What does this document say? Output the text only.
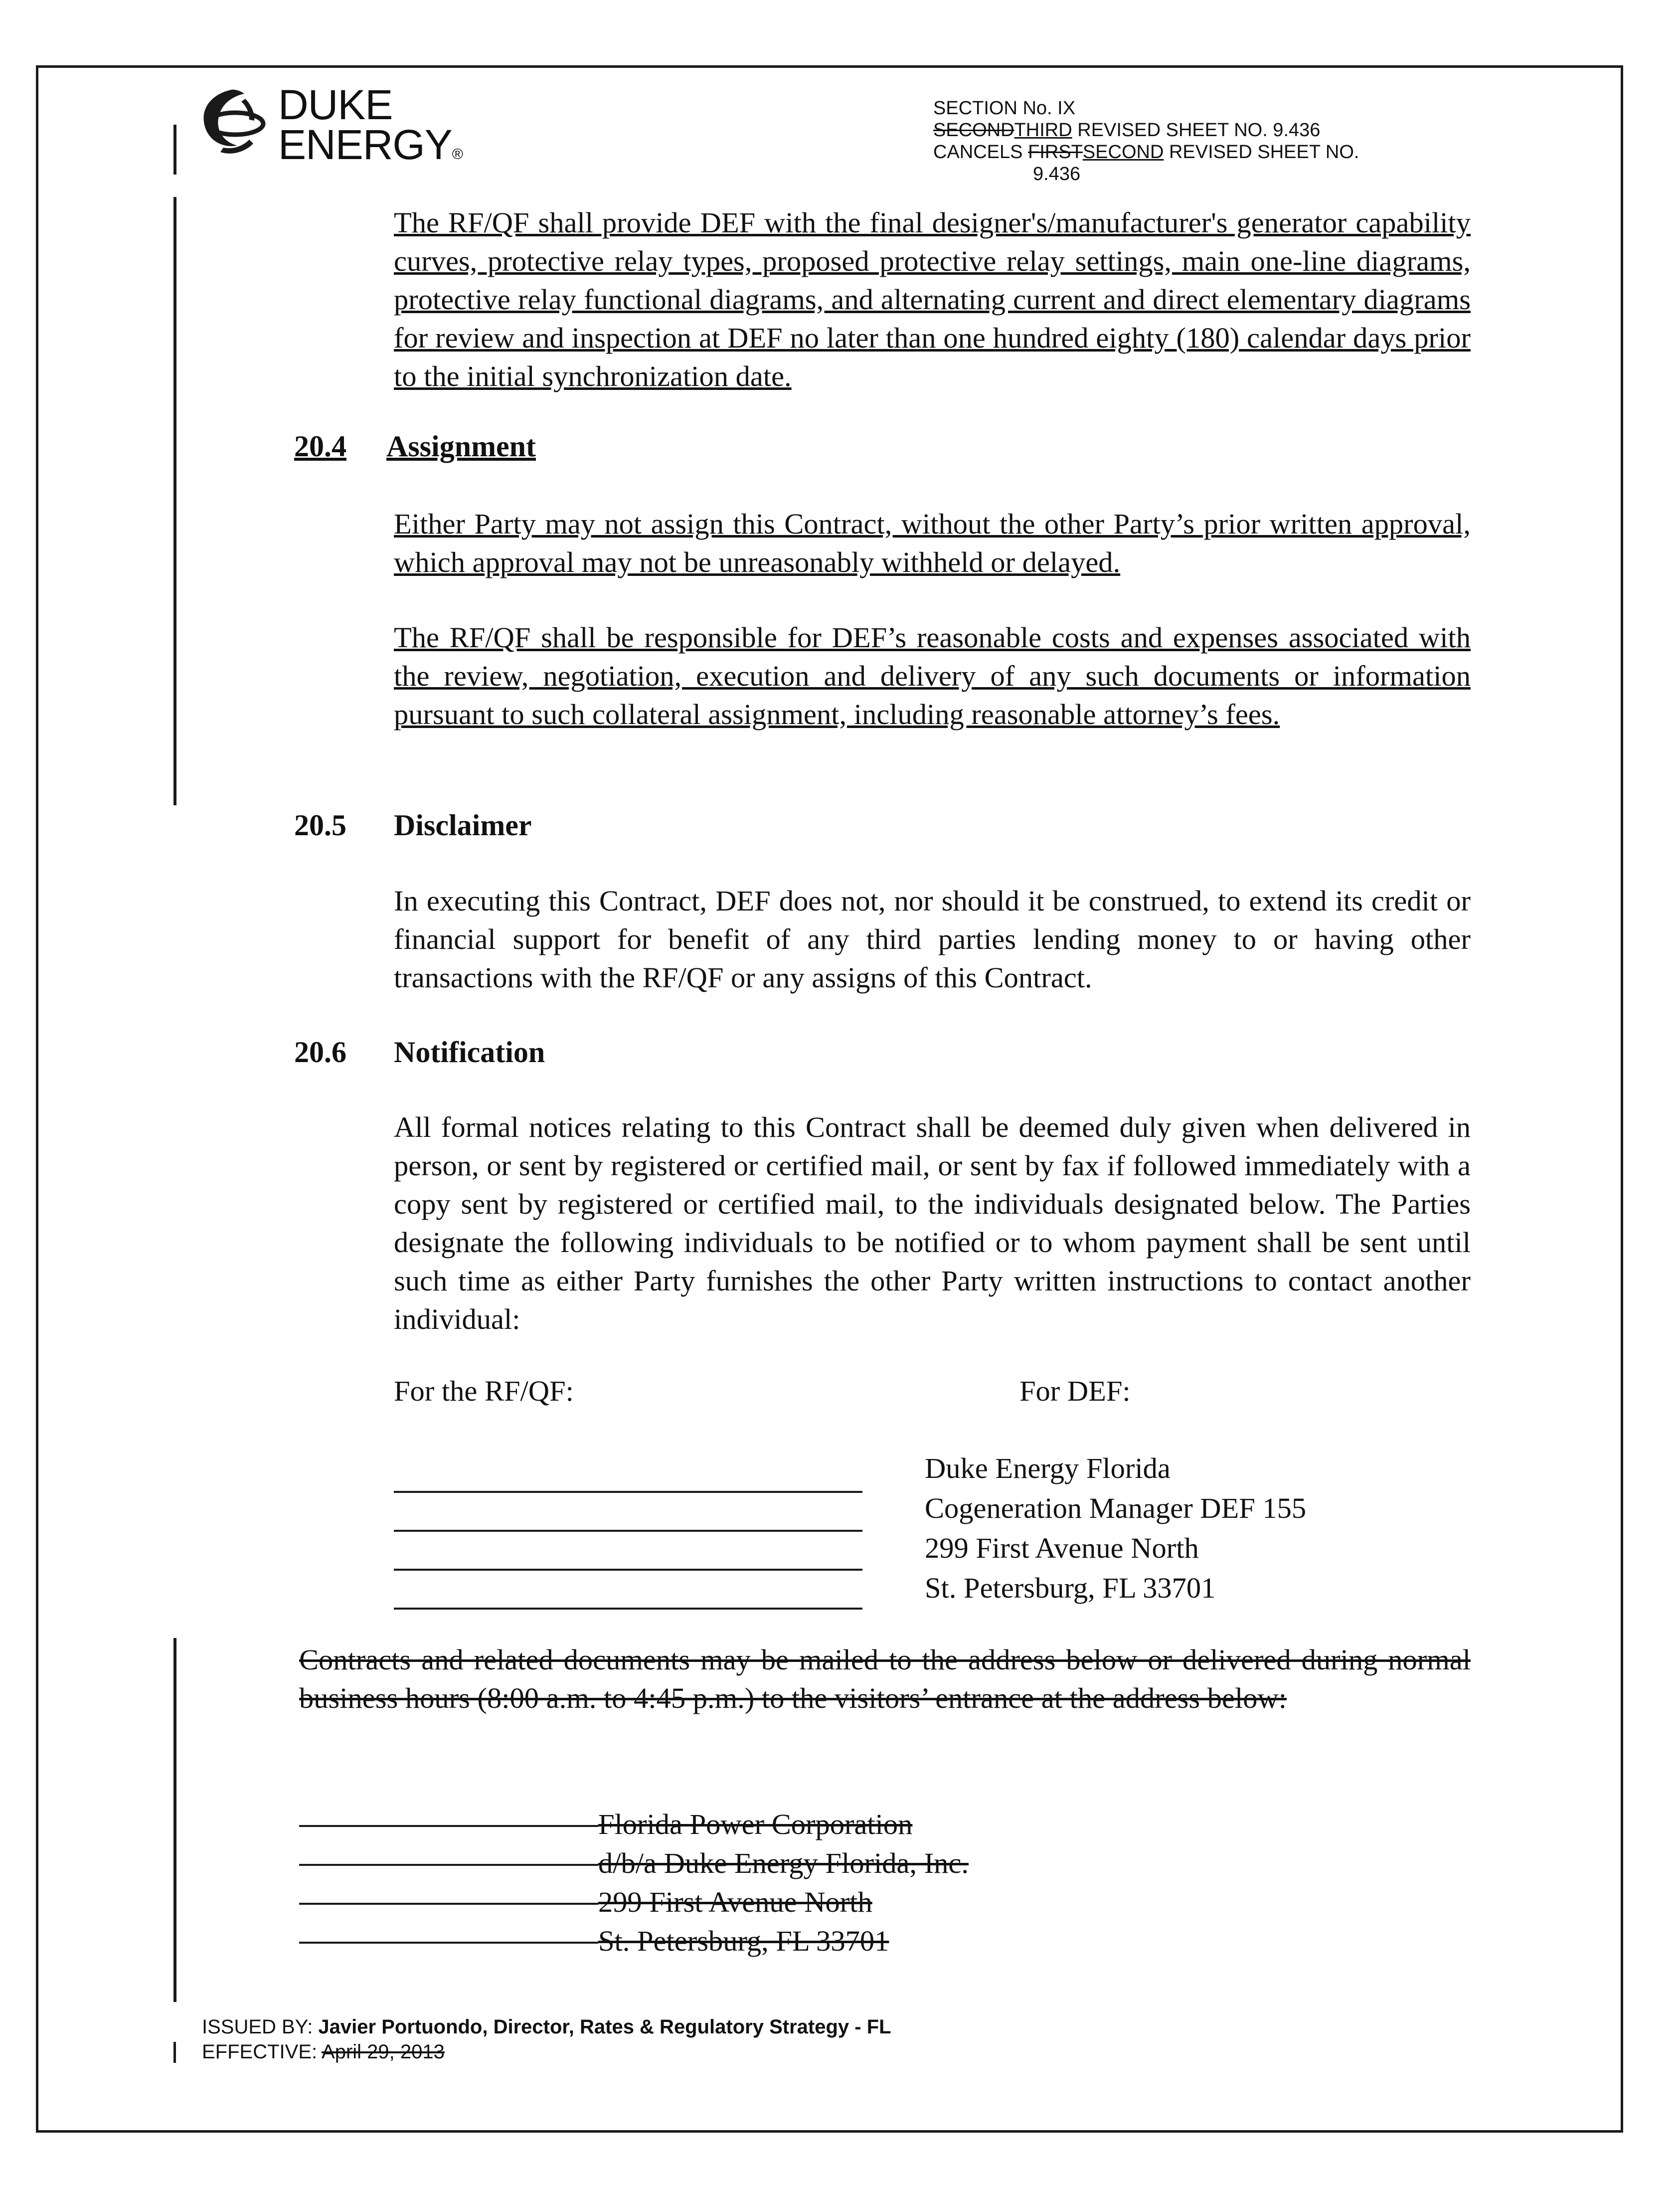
DUKE
ENERGY®
SECTION No. IX
SECONDTHIRD REVISED SHEET NO. 9.436
CANCELS FIRSTSECOND REVISED SHEET NO.
9.436
The RF/QF shall provide DEF with the final designer's/manufacturer's generator capability curves, protective relay types, proposed protective relay settings, main one-line diagrams, protective relay functional diagrams, and alternating current and direct elementary diagrams for review and inspection at DEF no later than one hundred eighty (180) calendar days prior to the initial synchronization date.
20.4 Assignment
Either Party may not assign this Contract, without the other Party’s prior written approval, which approval may not be unreasonably withheld or delayed.
The RF/QF shall be responsible for DEF’s reasonable costs and expenses associated with the review, negotiation, execution and delivery of any such documents or information pursuant to such collateral assignment, including reasonable attorney’s fees.
20.5 Disclaimer
In executing this Contract, DEF does not, nor should it be construed, to extend its credit or financial support for benefit of any third parties lending money to or having other transactions with the RF/QF or any assigns of this Contract.
20.6 Notification
All formal notices relating to this Contract shall be deemed duly given when delivered in person, or sent by registered or certified mail, or sent by fax if followed immediately with a copy sent by registered or certified mail, to the individuals designated below. The Parties designate the following individuals to be notified or to whom payment shall be sent until such time as either Party furnishes the other Party written instructions to contact another individual:
For the RF/QF:	For DEF:
Duke Energy Florida
Cogeneration Manager DEF 155
299 First Avenue North
St. Petersburg, FL 33701
Contracts and related documents may be mailed to the address below or delivered during normal business hours (8:00 a.m. to 4:45 p.m.) to the visitors’ entrance at the address below:
Florida Power Corporation
d/b/a Duke Energy Florida, Inc.
299 First Avenue North
St. Petersburg, FL 33701
ISSUED BY: Javier Portuondo, Director, Rates & Regulatory Strategy - FL
EFFECTIVE: April 29, 2013
